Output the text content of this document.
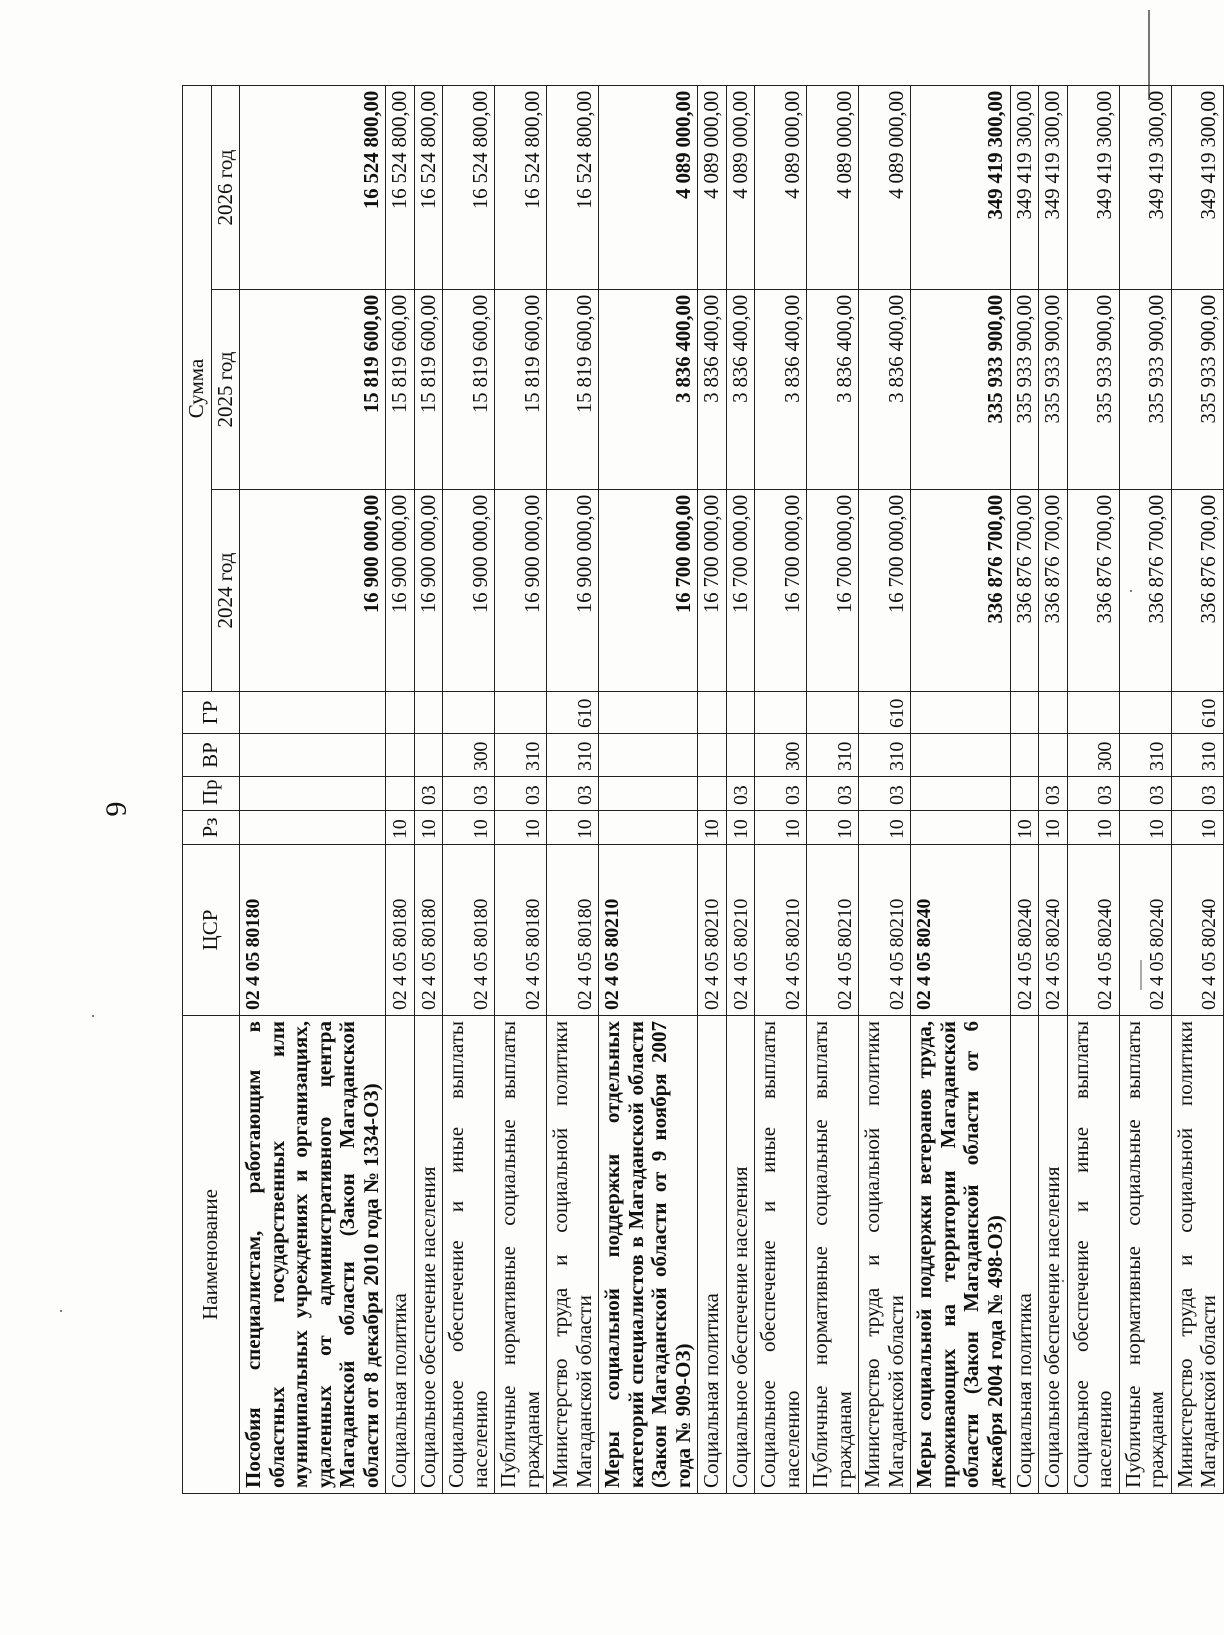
6
Наименование	ЦСР	Рз	Пр	ВР	ГР	Сумма		
						2024 год	2025 год	2026 год
Пособия специалистам, работающим в областных государственных или муниципальных учреждениях и организациях, удаленных от административного центра Магаданской области (Закон Магаданской области от 8 декабря 2010 года № 1334-ОЗ)	02 4 05 80180					16 900 000,00	15 819 600,00	16 524 800,00
Социальная политика	02 4 05 80180	10				16 900 000,00	15 819 600,00	16 524 800,00
Социальное обеспечение населения	02 4 05 80180	10	03			16 900 000,00	15 819 600,00	16 524 800,00
Социальное обеспечение и иные выплаты населению	02 4 05 80180	10	03	300		16 900 000,00	15 819 600,00	16 524 800,00
Публичные нормативные социальные выплаты гражданам	02 4 05 80180	10	03	310		16 900 000,00	15 819 600,00	16 524 800,00
Министерство труда и социальной политики Магаданской области	02 4 05 80180	10	03	310	610	16 900 000,00	15 819 600,00	16 524 800,00
Меры социальной поддержки отдельных категорий специалистов в Магаданской области (Закон Магаданской области от 9 ноября 2007 года № 909-ОЗ)	02 4 05 80210					16 700 000,00	3 836 400,00	4 089 000,00
Социальная политика	02 4 05 80210	10				16 700 000,00	3 836 400,00	4 089 000,00
Социальное обеспечение населения	02 4 05 80210	10	03			16 700 000,00	3 836 400,00	4 089 000,00
Социальное обеспечение и иные выплаты населению	02 4 05 80210	10	03	300		16 700 000,00	3 836 400,00	4 089 000,00
Публичные нормативные социальные выплаты гражданам	02 4 05 80210	10	03	310		16 700 000,00	3 836 400,00	4 089 000,00
Министерство труда и социальной политики Магаданской области	02 4 05 80210	10	03	310	610	16 700 000,00	3 836 400,00	4 089 000,00
Меры социальной поддержки ветеранов труда, проживающих на территории Магаданской области (Закон Магаданской области от 6 декабря 2004 года № 498-ОЗ)	02 4 05 80240					336 876 700,00	335 933 900,00	349 419 300,00
Социальная политика	02 4 05 80240	10				336 876 700,00	335 933 900,00	349 419 300,00
Социальное обеспечение населения	02 4 05 80240	10	03			336 876 700,00	335 933 900,00	349 419 300,00
Социальное обеспечение и иные выплаты населению	02 4 05 80240	10	03	300		336 876 700,00	335 933 900,00	349 419 300,00
Публичные нормативные социальные выплаты гражданам	02 4 05 80240	10	03	310		336 876 700,00	335 933 900,00	349 419 300,00
Министерство труда и социальной политики Магаданской области	02 4 05 80240	10	03	310	610	336 876 700,00	335 933 900,00	349 419 300,00
